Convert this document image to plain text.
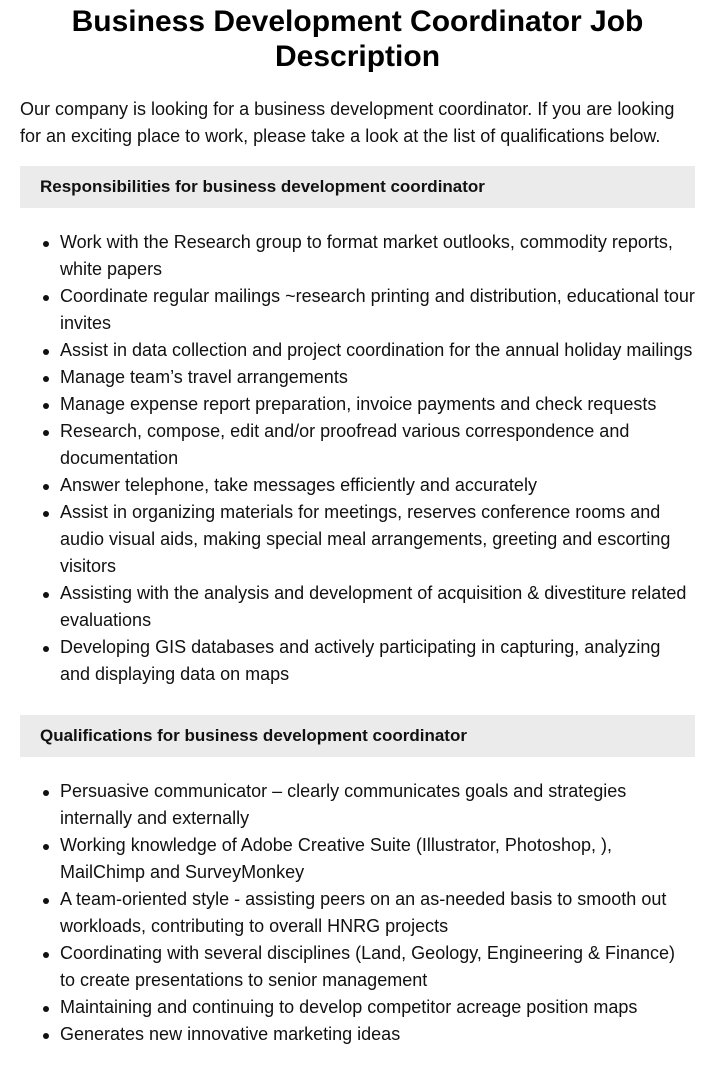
Business Development Coordinator Job Description

Our company is looking for a business development coordinator. If you are looking for an exciting place to work, please take a look at the list of qualifications below.

Responsibilities for business development coordinator
Work with the Research group to format market outlooks, commodity reports, white papers
Coordinate regular mailings ~research printing and distribution, educational tour invites
Assist in data collection and project coordination for the annual holiday mailings
Manage team’s travel arrangements
Manage expense report preparation, invoice payments and check requests
Research, compose, edit and/or proofread various correspondence and documentation
Answer telephone, take messages efficiently and accurately
Assist in organizing materials for meetings, reserves conference rooms and audio visual aids, making special meal arrangements, greeting and escorting visitors
Assisting with the analysis and development of acquisition & divestiture related evaluations
Developing GIS databases and actively participating in capturing, analyzing and displaying data on maps
Qualifications for business development coordinator
Persuasive communicator – clearly communicates goals and strategies internally and externally
Working knowledge of Adobe Creative Suite (Illustrator, Photoshop, ), MailChimp and SurveyMonkey
A team-oriented style - assisting peers on an as-needed basis to smooth out workloads, contributing to overall HNRG projects
Coordinating with several disciplines (Land, Geology, Engineering & Finance) to create presentations to senior management
Maintaining and continuing to develop competitor acreage position maps
Generates new innovative marketing ideas
